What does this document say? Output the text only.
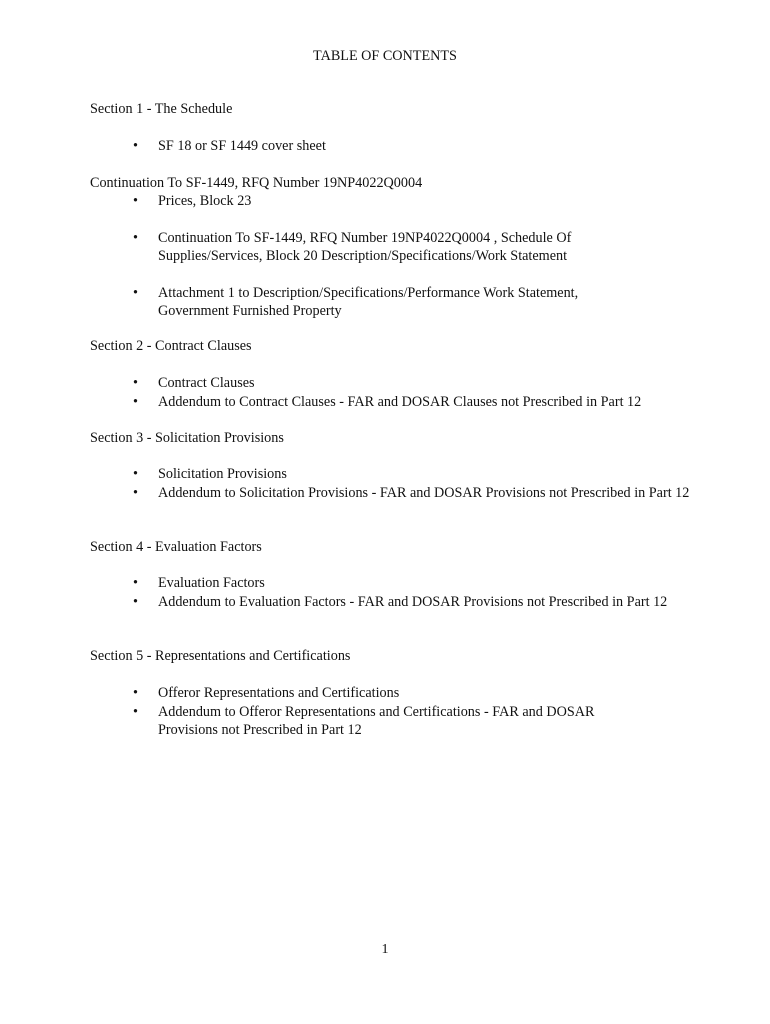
TABLE OF CONTENTS
Section 1 - The Schedule
•	SF 18 or SF 1449 cover sheet
Continuation To SF-1449, RFQ Number 19NP4022Q0004
•	Prices, Block 23
•	Continuation To SF-1449, RFQ Number 19NP4022Q0004 , Schedule Of Supplies/Services, Block 20 Description/Specifications/Work Statement
•	Attachment 1 to Description/Specifications/Performance Work Statement, Government Furnished Property
Section 2 - Contract Clauses
•	Contract Clauses
•	Addendum to Contract Clauses - FAR and DOSAR Clauses not Prescribed in Part 12
Section 3 - Solicitation Provisions
•	Solicitation Provisions
•	Addendum to Solicitation Provisions - FAR and DOSAR Provisions not Prescribed in Part 12
Section 4 - Evaluation Factors
•	Evaluation Factors
•	Addendum to Evaluation Factors - FAR and DOSAR Provisions not Prescribed in Part 12
Section 5 - Representations and Certifications
•	Offeror Representations and Certifications
•	Addendum to Offeror Representations and Certifications - FAR and DOSAR Provisions not Prescribed in Part 12
1
